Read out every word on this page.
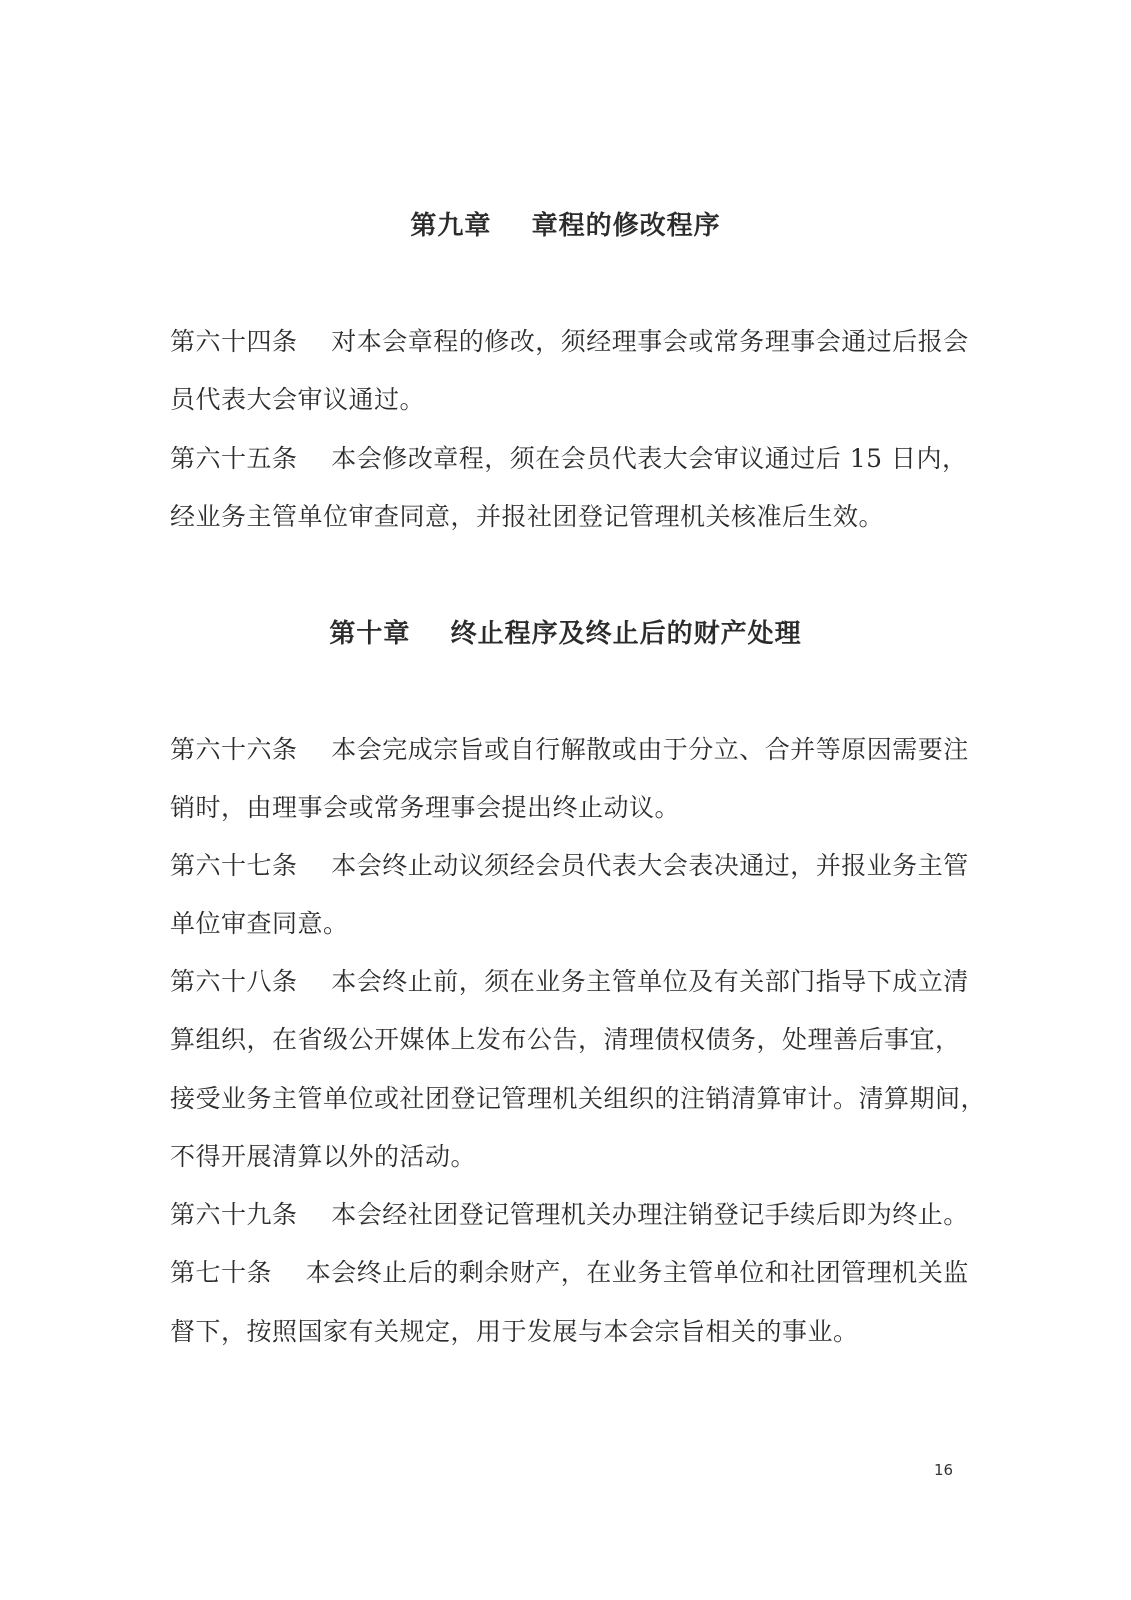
第九章    章程的修改程序
第六十四条    对本会章程的修改，须经理事会或常务理事会通过后报会
员代表大会审议通过。
第六十五条    本会修改章程，须在会员代表大会审议通过后 15 日内，
经业务主管单位审查同意，并报社团登记管理机关核准后生效。
第十章    终止程序及终止后的财产处理
第六十六条    本会完成宗旨或自行解散或由于分立、合并等原因需要注
销时，由理事会或常务理事会提出终止动议。
第六十七条    本会终止动议须经会员代表大会表决通过，并报业务主管
单位审查同意。
第六十八条    本会终止前，须在业务主管单位及有关部门指导下成立清
算组织，在省级公开媒体上发布公告，清理债权债务，处理善后事宜，
接受业务主管单位或社团登记管理机关组织的注销清算审计。清算期间，
不得开展清算以外的活动。
第六十九条    本会经社团登记管理机关办理注销登记手续后即为终止。
第七十条    本会终止后的剩余财产，在业务主管单位和社团管理机关监
督下，按照国家有关规定，用于发展与本会宗旨相关的事业。
16
